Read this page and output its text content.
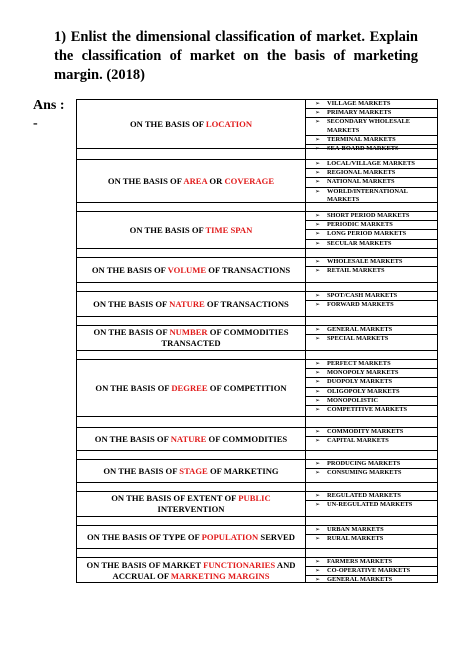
1) Enlist the dimensional classification of market. Explain the classification of market on the basis of marketing margin. (2018)
Ans :
-	ON THE BASIS OF LOCATION
➢ VILLAGE MARKETS
➢ PRIMARY MARKETS
➢ SECONDARY WHOLESALE MARKETS
➢ TERMINAL MARKETS
➢ SEA-BOARD MARKETS
ON THE BASIS OF AREA OR COVERAGE
➢ LOCAL/VILLAGE MARKETS
➢ REGIONAL MARKETS
➢ NATIONAL MARKETS
➢ WORLD/INTERNATIONAL MARKETS
ON THE BASIS OF TIME SPAN
➢ SHORT PERIOD MARKETS
➢ PERIODIC MARKETS
➢ LONG PERIOD MARKETS
➢ SECULAR MARKETS
ON THE BASIS OF VOLUME OF TRANSACTIONS
➢ WHOLESALE MARKETS
➢ RETAIL MARKETS
ON THE BASIS OF NATURE OF TRANSACTIONS
➢ SPOT/CASH MARKETS
➢ FORWARD MARKETS
ON THE BASIS OF NUMBER OF COMMODITIES TRANSACTED
➢ GENERAL MARKETS
➢ SPECIAL MARKETS
ON THE BASIS OF DEGREE OF COMPETITION
➢ PERFECT MARKETS
➢ MONOPOLY MARKETS
➢ DUOPOLY MARKETS
➢ OLIGOPOLY MARKETS
➢ MONOPOLISTIC
➢ COMPETITIVE MARKETS
ON THE BASIS OF NATURE OF COMMODITIES
➢ COMMODITY MARKETS
➢ CAPITAL MARKETS
ON THE BASIS OF STAGE OF MARKETING
➢ PRODUCING MARKETS
➢ CONSUMING MARKETS
ON THE BASIS OF EXTENT OF PUBLIC INTERVENTION
➢ REGULATED MARKETS
➢ UN-REGULATED MARKETS
ON THE BASIS OF TYPE OF POPULATION SERVED
➢ URBAN MARKETS
➢ RURAL MARKETS
ON THE BASIS OF MARKET FUNCTIONARIES AND ACCRUAL OF MARKETING MARGINS
➢ FARMERS MARKETS
➢ CO-OPERATIVE MARKETS
➢ GENERAL MARKETS
